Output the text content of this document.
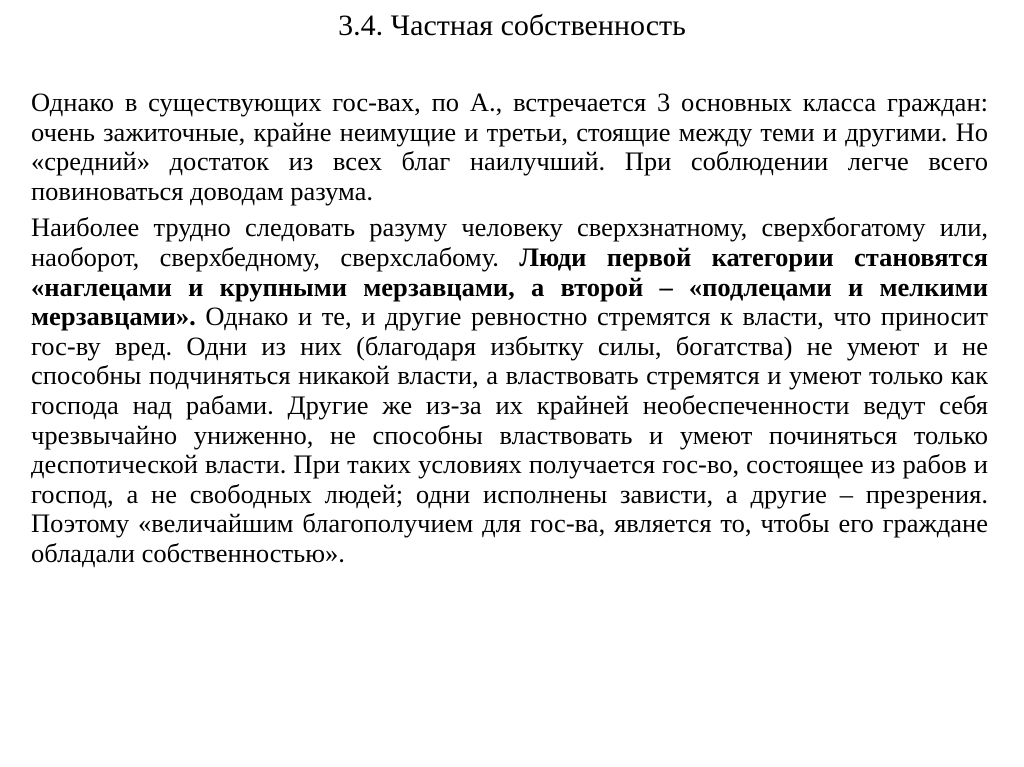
3.4. Частная собственность

Однако в существующих гос-вах, по А., встречается 3 основных класса граждан: очень зажиточные, крайне неимущие и третьи, стоящие между теми и другими. Но «средний» достаток из всех благ наилучший. При соблюдении легче всего повиноваться доводам разума.

Наиболее трудно следовать разуму человеку сверхзнатному, сверхбогатому или, наоборот, сверхбедному, сверхслабому. Люди первой категории становятся «наглецами и крупными мерзавцами, а второй – «подлецами и мелкими мерзавцами». Однако и те, и другие ревностно стремятся к власти, что приносит гос-ву вред. Одни из них (благодаря избытку силы, богатства) не умеют и не способны подчиняться никакой власти, а властвовать стремятся и умеют только как господа над рабами. Другие же из-за их крайней необеспеченности ведут себя чрезвычайно униженно, не способны властвовать и умеют починяться только деспотической власти. При таких условиях получается гос-во, состоящее из рабов и господ, а не свободных людей; одни исполнены зависти, а другие – презрения. Поэтому «величайшим благополучием для гос-ва, является то, чтобы его граждане обладали собственностью».
